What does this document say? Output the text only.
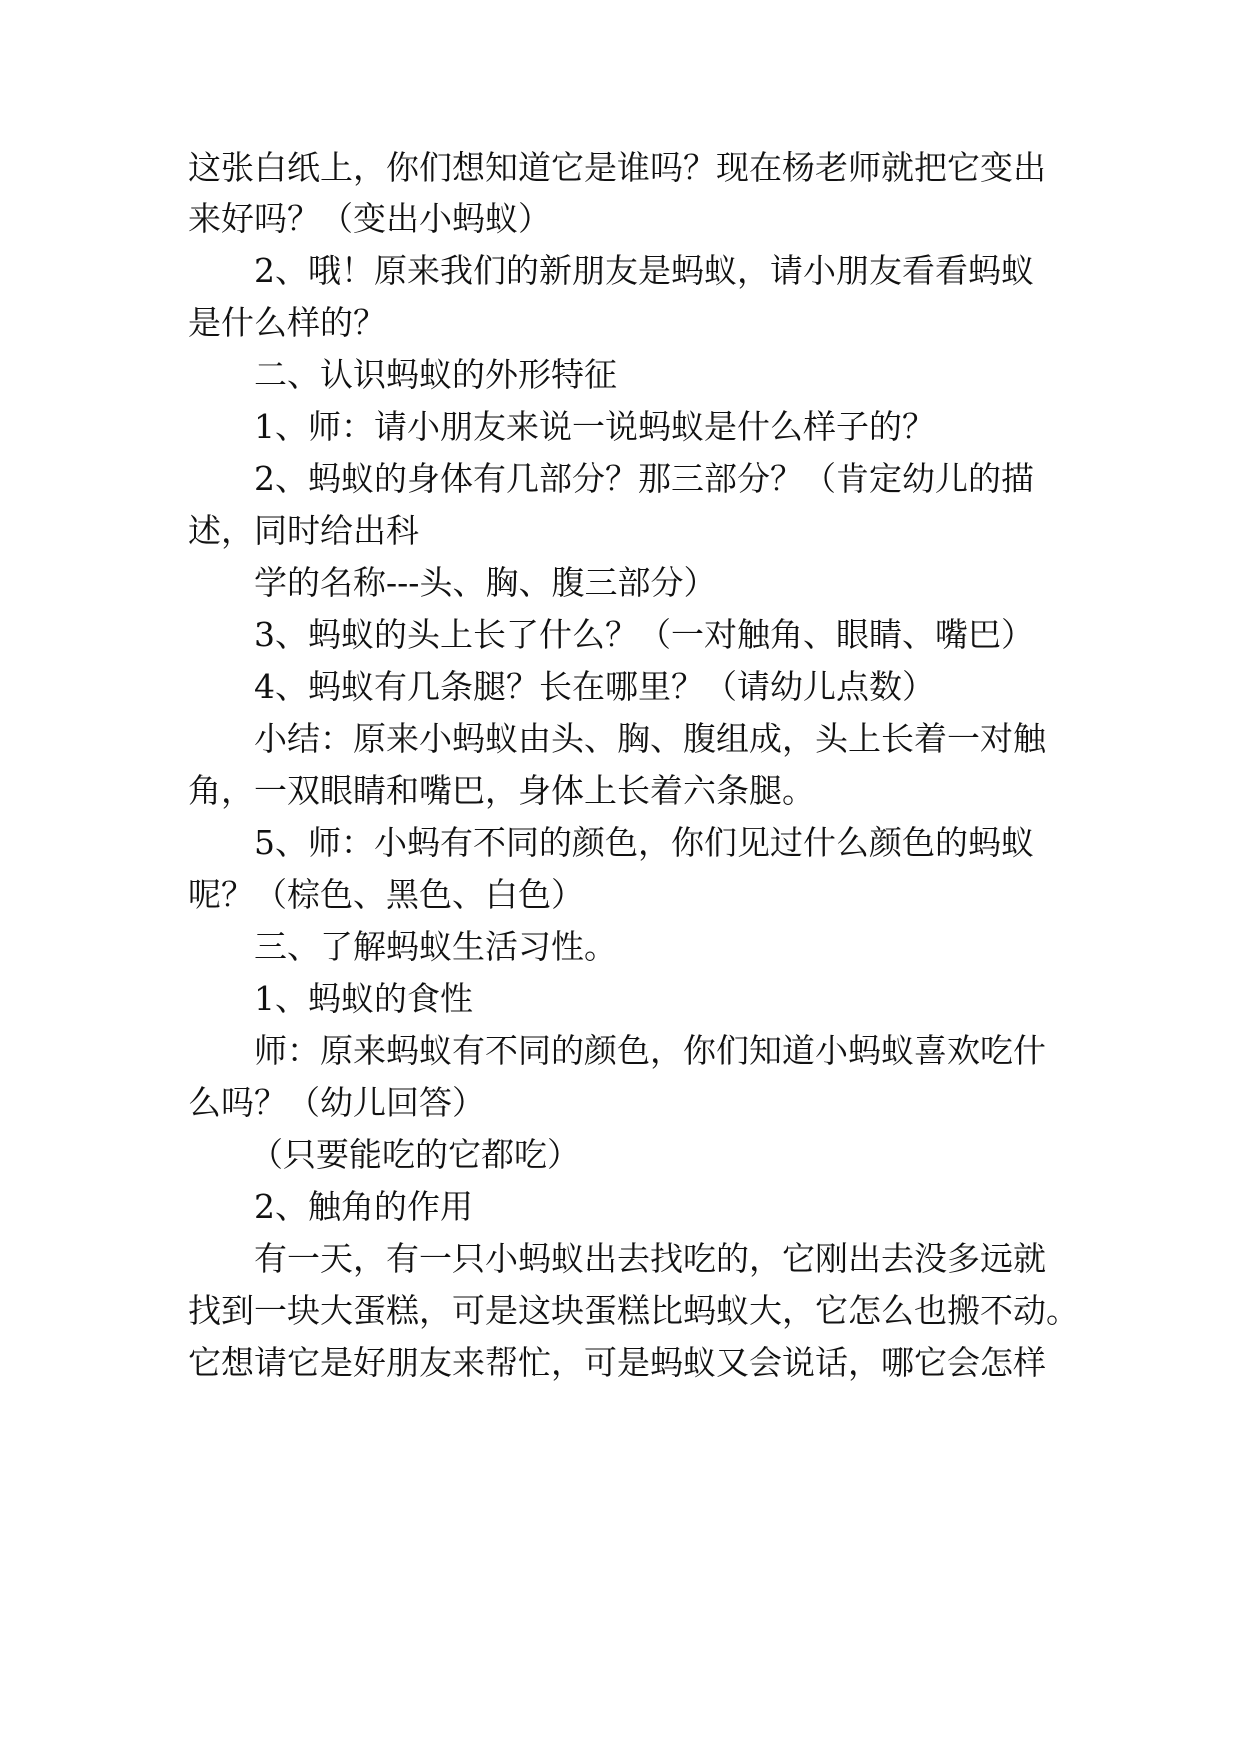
这张白纸上，你们想知道它是谁吗？现在杨老师就把它变出
来好吗？（变出小蚂蚁）
2、哦！原来我们的新朋友是蚂蚁，请小朋友看看蚂蚁
是什么样的？
二、认识蚂蚁的外形特征
1、师：请小朋友来说一说蚂蚁是什么样子的？
2、蚂蚁的身体有几部分？那三部分？（肯定幼儿的描
述，同时给出科
学的名称---头、胸、腹三部分）
3、蚂蚁的头上长了什么？（一对触角、眼睛、嘴巴）
4、蚂蚁有几条腿？长在哪里？（请幼儿点数）
小结：原来小蚂蚁由头、胸、腹组成，头上长着一对触
角，一双眼睛和嘴巴，身体上长着六条腿。
5、师：小蚂有不同的颜色，你们见过什么颜色的蚂蚁
呢？（棕色、黑色、白色）
三、了解蚂蚁生活习性。
1、蚂蚁的食性
师：原来蚂蚁有不同的颜色，你们知道小蚂蚁喜欢吃什
么吗？（幼儿回答）
（只要能吃的它都吃）
2、触角的作用
有一天，有一只小蚂蚁出去找吃的，它刚出去没多远就
找到一块大蛋糕，可是这块蛋糕比蚂蚁大，它怎么也搬不动。
它想请它是好朋友来帮忙，可是蚂蚁又会说话，哪它会怎样
